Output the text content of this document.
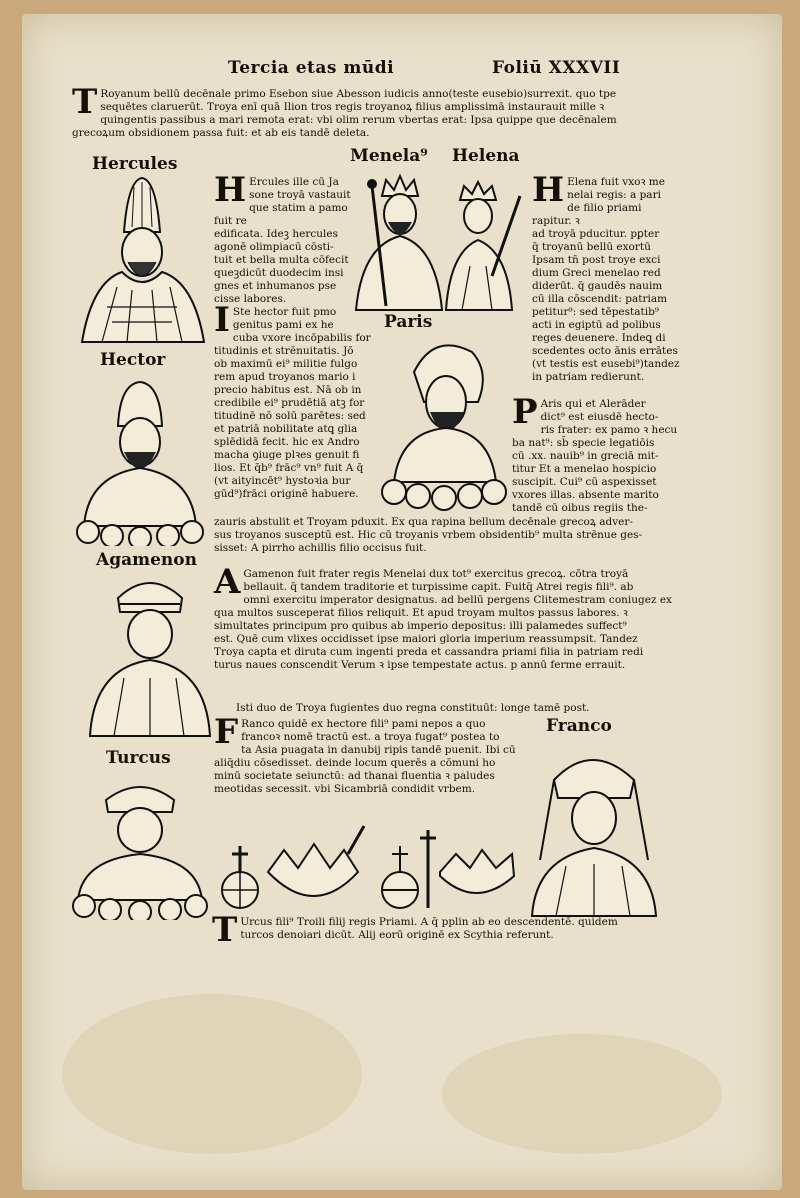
Tercia etas mūdi	Foliū XXXVII
T Royanum bellū decēnale primo Esebon siue Abesson iudicis anno(teste eusebio)surrexit. quo tpe

sequētes claruerūt. Troya enī quā Ilion tros regis troyanoꝝ filius amplissimā instaurauit mille ꝛ

quingentis passibus a mari remota erat: vbi olim rerum vbertas erat: Ipsa quippe que decēnalem

grecoꝝum obsidionem passa fuit: et ab eis tandē deleta.

Hercules	Menela⁹ Helena
Paris
Hector
Agamenon
Turcus
Franco
H Ercules ille cū Ja

sone troyā vastauit

que statim a pamo fuit re

edificata. Ideꝫ hercules

agonē olimpiacū cōsti-

tuit et bella multa cōfecit

queꝫdicūt duodecim insi

gnes et inhumanos pse

cisse labores.

I Ste hector fuit pmo

genitus pami ex he

cuba vxore incōpabilis for

titudinis et strēnuitatis. Jō

ob maximū ei⁹ militie fulgo

rem apud troyanos mario i

precio habitus est. Nā ob in

credibile ei⁹ prudētiā atꝫ for

titudinē nō solū parētes: sed

et patriā nobilitate atꝗ glia

splēdidā fecit. hic ex Andro

macha ꝯiuge plꝛes genuit fi

lios. Et q̄b⁹ frāc⁹ vn⁹ fuit A q̄

(vt aityincēt⁹ hystoꝛia bur

gūd⁹)frāci originē habuere.

H Elena fuit vxoꝛ me

nelai regis: a pari

de filio priami rapitur. ꝛ

ad troyā pducitur. pꝑter

q̄ troyanū bellū exortū

Ipsam tn̄ post troye exci

dium Greci menelao red

diderūt. q̄ gaudēs nauim

cū illa cōscendit: patriam

petitur⁹: sed tēpestatib⁹

acti in egiptū ad polibus

reges deuenere. Indeꝗ di

scedentes octo ānis errātes

(vt testis est eusebi⁹)tandez

in patriam redierunt.

P Aris qui et Alerāder

dict⁹ est eiusdē hecto-

ris frater: ex pamo ꝛ hecu

ba nat⁹: sb̄ specie legatiōis

cū .xx. nauib⁹ in greciā mit-

titur Et a menelao hospicio

suscipit. Cui⁹ cū aspexisset

vxores illas. absente marito

tandē cū oibus regiis the-

zauris abstulit et Troyam pduxit. Ex qua rapina bellum decēnale grecoꝝ adver-

sus troyanos susceptū est. Hic cū troyanis vrbem obsidentib⁹ multa strēnue ges-

sisset: A pirrho achillis filio occisus fuit.

A Gamenon fuit frater regis Menelai dux tot⁹ exercitus grecoꝝ. cōtra troyā

bellauit. q̄ tandem traditorie et turpissime capit. Fuitq̄ Atrei regis fili⁹. ab

omni exercitu imperator designatus. ad bellū pergens Clitemestram coniugez ex

qua multos susceperat filios reliquit. Et apud troyam multos passus labores. ꝛ

simultates principum pro quibus ab imperio depositus: illi palamedes suffect⁹

est. Quē cum vlixes occidisset ipse maiori gloria imperium reassumpsit. Tandez

Troya capta et diruta cum ingenti preda et cassandra priami filia in patriam redi

turus naues conscendit Verum ꝛ ipse tempestate actus. p annū ferme errauit.

Isti duo de Troya fugientes duo regna constituūt: longe tamē post.
F Ranco quidē ex hectore fili⁹ pami nepos a quo

francoꝛ nomē tractū est. a troya fugat⁹ postea to

ta Asia puagata in danubij ripis tandē puenit. Ibi cū

aliq̄diu cōsedisset. deinde locum querēs a cōmuni ho

minū societate seiunctū: ad thanai fluentia ꝛ paludes

meotidas secessit. vbi Sicambriā condidit vrbem.

T Urcus fili⁹ Troili filij regis Priami. A q̄ pplin ab eo descendentē. quidem

turcos denoiari dicūt. Alij eorū originē ex Scythia referunt.
